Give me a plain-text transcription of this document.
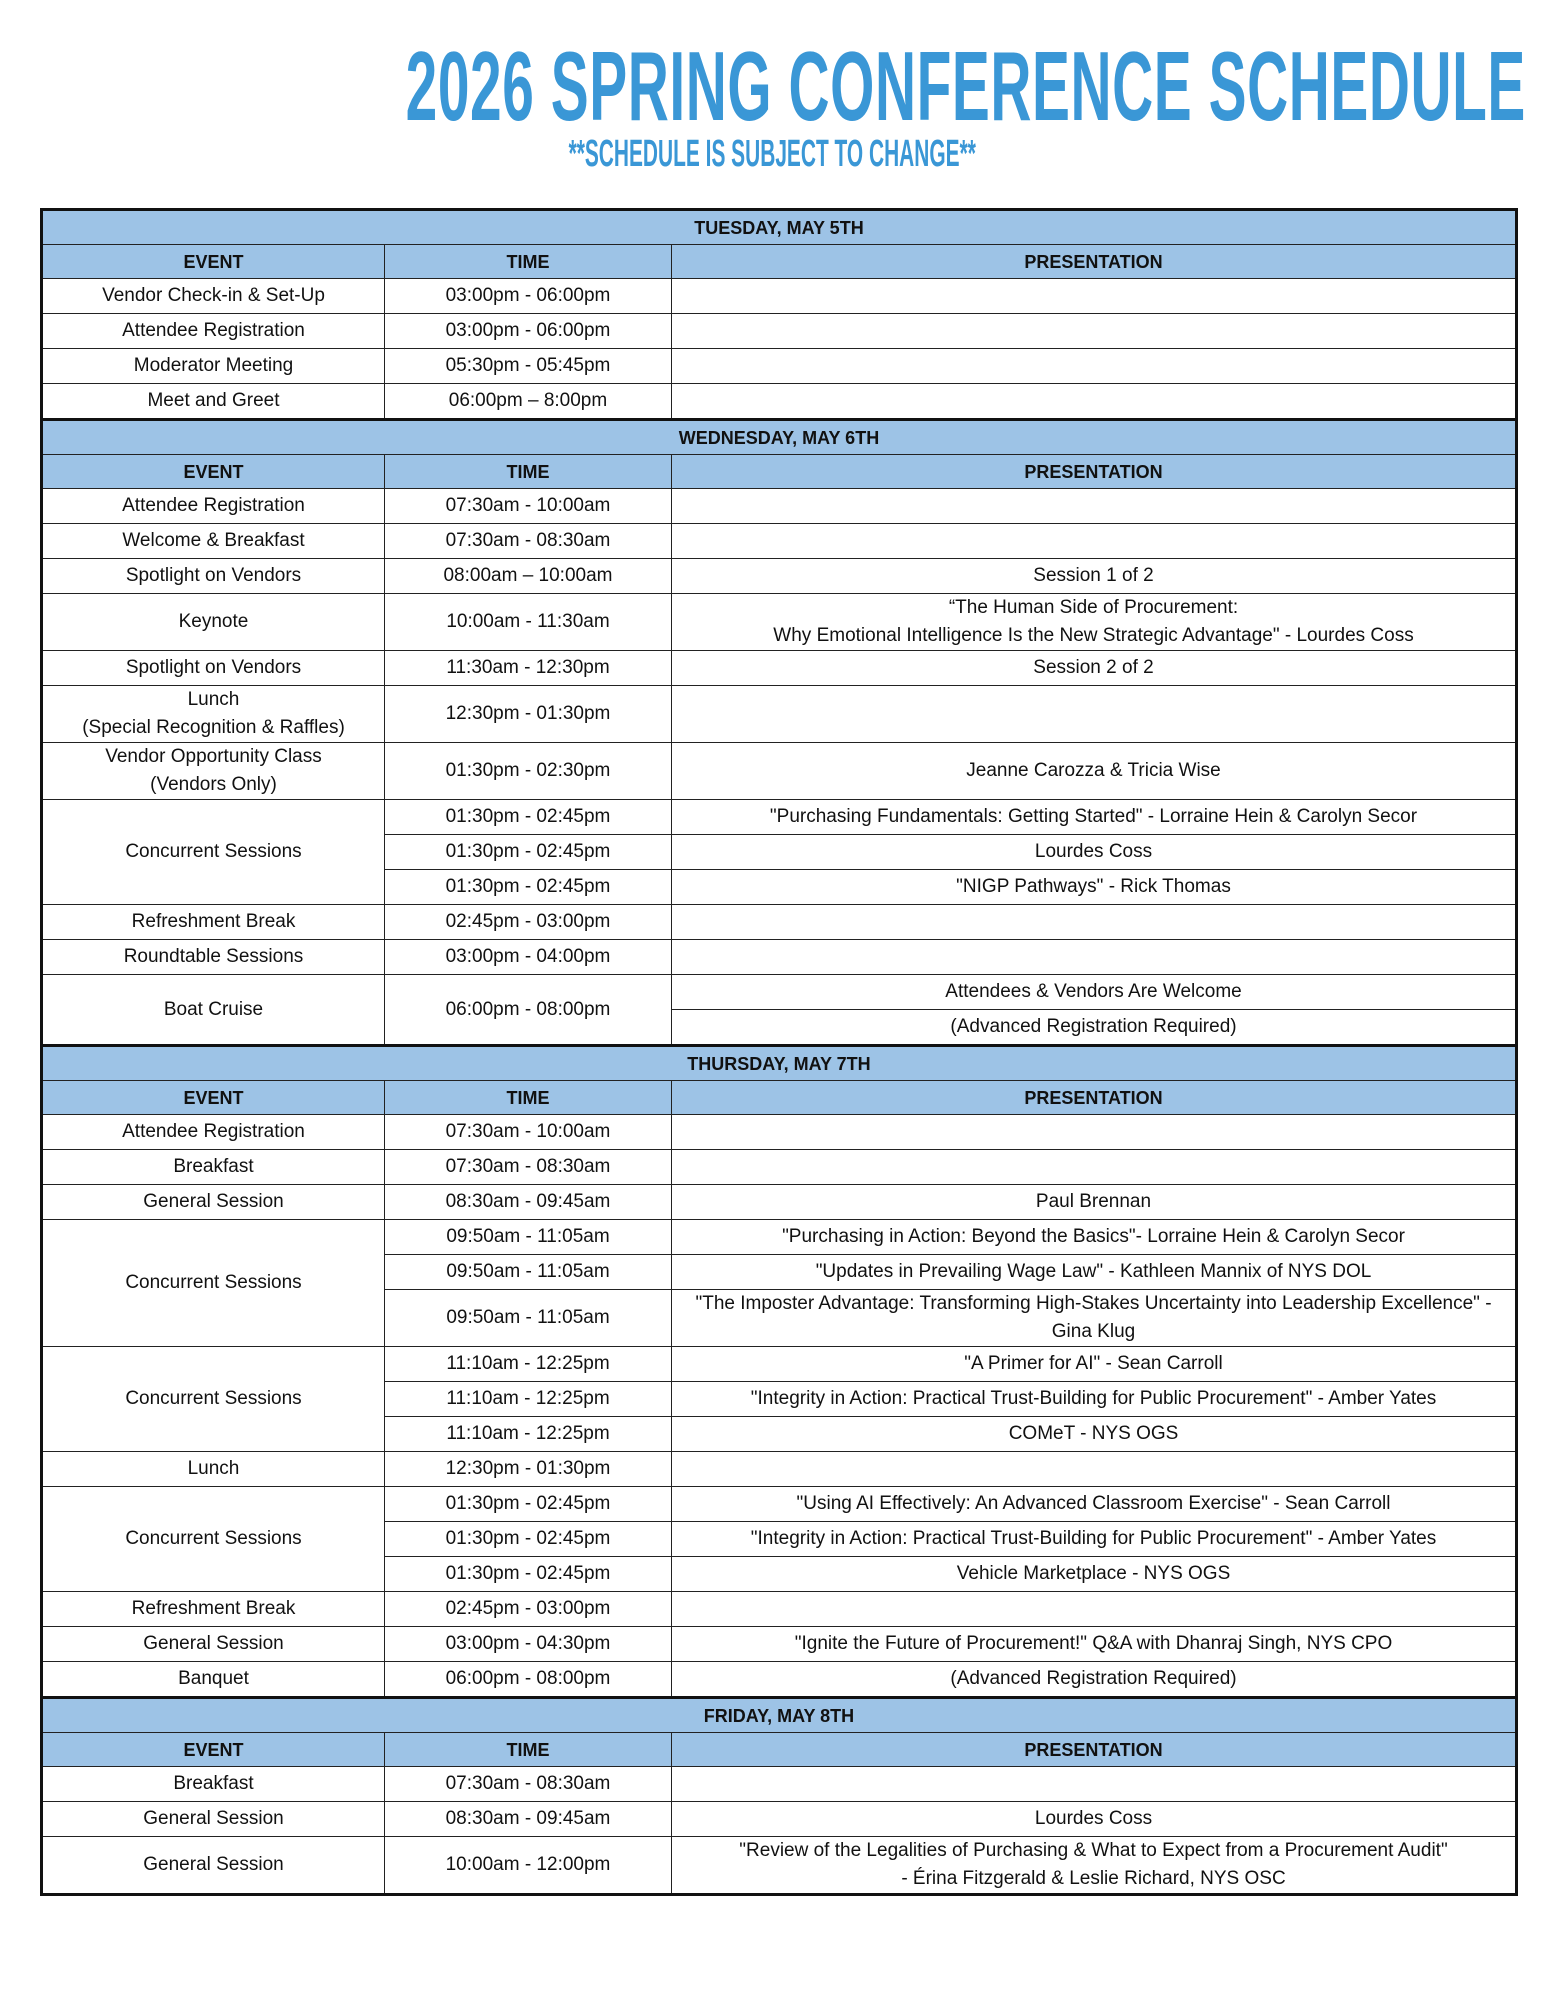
2026 SPRING CONFERENCE SCHEDULE
**SCHEDULE IS SUBJECT TO CHANGE**
TUESDAY, MAY 5TH		
EVENT	TIME	PRESENTATION
Vendor Check-in & Set-Up	03:00pm - 06:00pm	
Attendee Registration	03:00pm - 06:00pm	
Moderator Meeting	05:30pm - 05:45pm	
Meet and Greet	06:00pm – 8:00pm	
WEDNESDAY, MAY 6TH		
EVENT	TIME	PRESENTATION
Attendee Registration	07:30am - 10:00am	
Welcome & Breakfast	07:30am - 08:30am	
Spotlight on Vendors	08:00am – 10:00am	Session 1 of 2
Keynote	10:00am - 11:30am	“The Human Side of Procurement:
Why Emotional Intelligence Is the New Strategic Advantage" - Lourdes Coss
Spotlight on Vendors	11:30am - 12:30pm	Session 2 of 2
Lunch
(Special Recognition & Raffles)	12:30pm - 01:30pm	
Vendor Opportunity Class
(Vendors Only)	01:30pm - 02:30pm	Jeanne Carozza & Tricia Wise
Concurrent Sessions	01:30pm - 02:45pm	"Purchasing Fundamentals: Getting Started" - Lorraine Hein & Carolyn Secor
	01:30pm - 02:45pm	Lourdes Coss
	01:30pm - 02:45pm	"NIGP Pathways" - Rick Thomas
Refreshment Break	02:45pm - 03:00pm	
Roundtable Sessions	03:00pm - 04:00pm	
Boat Cruise	06:00pm - 08:00pm	Attendees & Vendors Are Welcome
		(Advanced Registration Required)
THURSDAY, MAY 7TH		
EVENT	TIME	PRESENTATION
Attendee Registration	07:30am - 10:00am	
Breakfast	07:30am - 08:30am	
General Session	08:30am - 09:45am	Paul Brennan
Concurrent Sessions	09:50am - 11:05am	"Purchasing in Action: Beyond the Basics"- Lorraine Hein & Carolyn Secor
	09:50am - 11:05am	"Updates in Prevailing Wage Law" - Kathleen Mannix of NYS DOL
	09:50am - 11:05am	"The Imposter Advantage: Transforming High-Stakes Uncertainty into Leadership Excellence" - Gina Klug
Concurrent Sessions	11:10am - 12:25pm	"A Primer for AI" - Sean Carroll
	11:10am - 12:25pm	"Integrity in Action: Practical Trust-Building for Public Procurement" - Amber Yates
	11:10am - 12:25pm	COMeT - NYS OGS
Lunch	12:30pm - 01:30pm	
Concurrent Sessions	01:30pm - 02:45pm	"Using AI Effectively: An Advanced Classroom Exercise" - Sean Carroll
	01:30pm - 02:45pm	"Integrity in Action: Practical Trust-Building for Public Procurement" - Amber Yates
	01:30pm - 02:45pm	Vehicle Marketplace - NYS OGS
Refreshment Break	02:45pm - 03:00pm	
General Session	03:00pm - 04:30pm	"Ignite the Future of Procurement!" Q&A with Dhanraj Singh, NYS CPO
Banquet	06:00pm - 08:00pm	(Advanced Registration Required)
FRIDAY, MAY 8TH		
EVENT	TIME	PRESENTATION
Breakfast	07:30am - 08:30am	
General Session	08:30am - 09:45am	Lourdes Coss
General Session	10:00am - 12:00pm	"Review of the Legalities of Purchasing & What to Expect from a Procurement Audit"
- Érina Fitzgerald & Leslie Richard, NYS OSC
